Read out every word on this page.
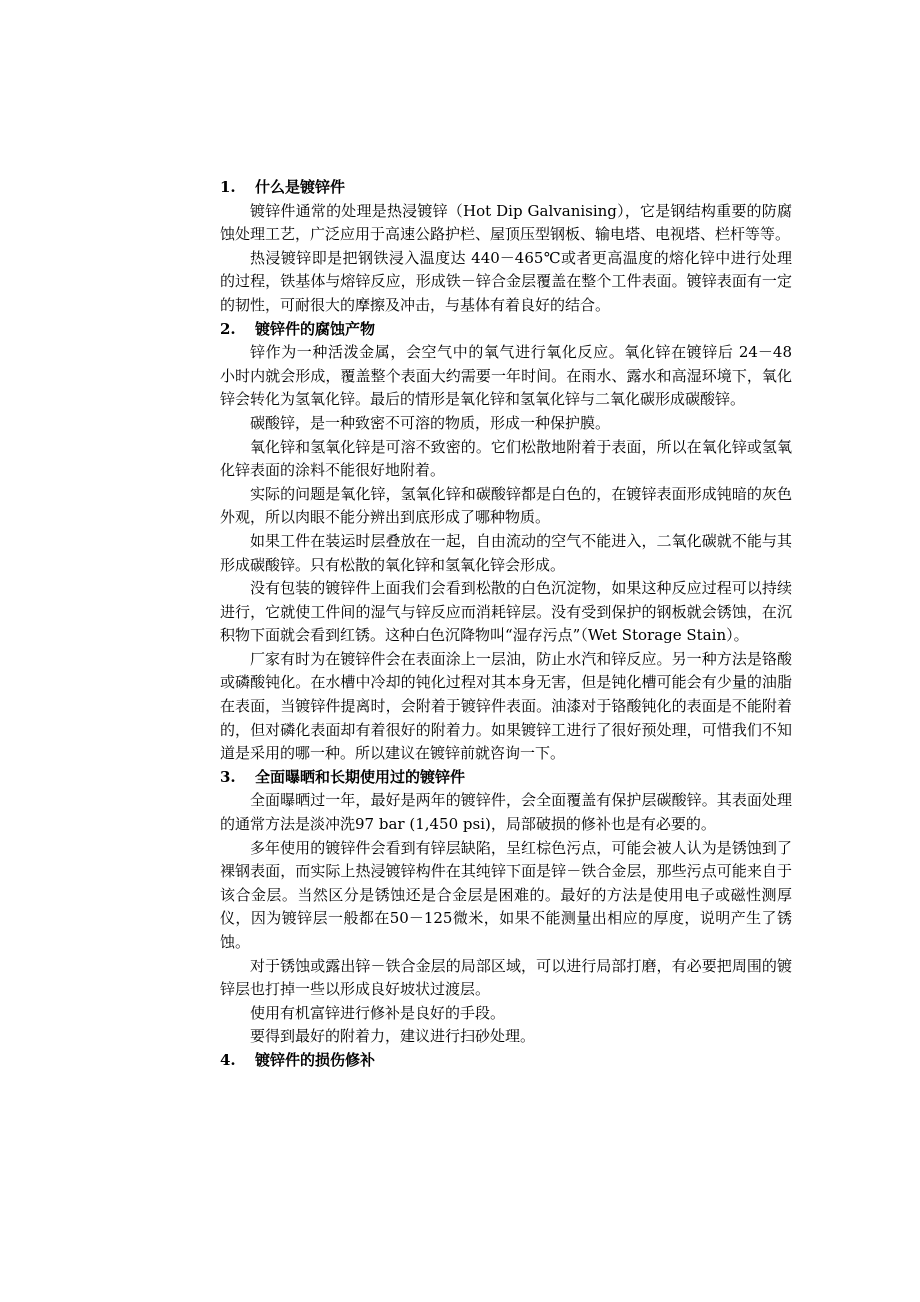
1.	什么是镀锌件

镀锌件通常的处理是热浸镀锌（Hot Dip Galvanising），它是钢结构重要的防腐蚀处理工艺，广泛应用于高速公路护栏、屋顶压型钢板、输电塔、电视塔、栏杆等等。

热浸镀锌即是把钢铁浸入温度达 440－465℃或者更高温度的熔化锌中进行处理的过程，铁基体与熔锌反应，形成铁－锌合金层覆盖在整个工件表面。镀锌表面有一定的韧性，可耐很大的摩擦及冲击，与基体有着良好的结合。

2.	镀锌件的腐蚀产物

锌作为一种活泼金属，会空气中的氧气进行氧化反应。氧化锌在镀锌后 24－48 小时内就会形成，覆盖整个表面大约需要一年时间。在雨水、露水和高湿环境下，氧化锌会转化为氢氧化锌。最后的情形是氧化锌和氢氧化锌与二氧化碳形成碳酸锌。

碳酸锌，是一种致密不可溶的物质，形成一种保护膜。

氧化锌和氢氧化锌是可溶不致密的。它们松散地附着于表面，所以在氧化锌或氢氧化锌表面的涂料不能很好地附着。

实际的问题是氧化锌，氢氧化锌和碳酸锌都是白色的，在镀锌表面形成钝暗的灰色外观，所以肉眼不能分辨出到底形成了哪种物质。

如果工件在装运时层叠放在一起，自由流动的空气不能进入，二氧化碳就不能与其形成碳酸锌。只有松散的氧化锌和氢氧化锌会形成。

没有包装的镀锌件上面我们会看到松散的白色沉淀物，如果这种反应过程可以持续进行，它就使工件间的湿气与锌反应而消耗锌层。没有受到保护的钢板就会锈蚀，在沉积物下面就会看到红锈。这种白色沉降物叫“湿存污点”（Wet Storage Stain）。

厂家有时为在镀锌件会在表面涂上一层油，防止水汽和锌反应。另一种方法是铬酸或磷酸钝化。在水槽中冷却的钝化过程对其本身无害，但是钝化槽可能会有少量的油脂在表面，当镀锌件提离时，会附着于镀锌件表面。油漆对于铬酸钝化的表面是不能附着的，但对磷化表面却有着很好的附着力。如果镀锌工进行了很好预处理，可惜我们不知道是采用的哪一种。所以建议在镀锌前就咨询一下。

3.	全面曝晒和长期使用过的镀锌件

全面曝晒过一年，最好是两年的镀锌件，会全面覆盖有保护层碳酸锌。其表面处理的通常方法是淡冲洗97 bar (1,450 psi)，局部破损的修补也是有必要的。

多年使用的镀锌件会看到有锌层缺陷，呈红棕色污点，可能会被人认为是锈蚀到了裸钢表面，而实际上热浸镀锌构件在其纯锌下面是锌－铁合金层，那些污点可能来自于该合金层。当然区分是锈蚀还是合金层是困难的。最好的方法是使用电子或磁性测厚仪，因为镀锌层一般都在50－125微米，如果不能测量出相应的厚度，说明产生了锈蚀。

对于锈蚀或露出锌－铁合金层的局部区域，可以进行局部打磨，有必要把周围的镀锌层也打掉一些以形成良好坡状过渡层。

使用有机富锌进行修补是良好的手段。

要得到最好的附着力，建议进行扫砂处理。

4.	镀锌件的损伤修补
